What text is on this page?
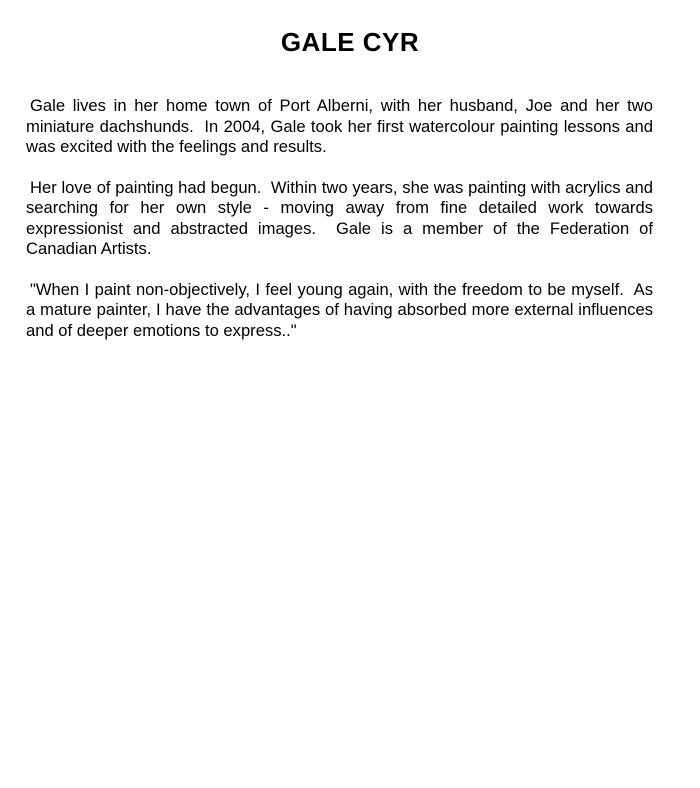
GALE CYR

Gale lives in her home town of Port Alberni, with her husband, Joe and her two miniature dachshunds.  In 2004, Gale took her first watercolour painting lessons and was excited with the feelings and results.

Her love of painting had begun.  Within two years, she was painting with acrylics and searching for her own style - moving away from fine detailed work towards expressionist and abstracted images.  Gale is a member of the Federation of Canadian Artists.

"When I paint non-objectively, I feel young again, with the freedom to be myself.  As a mature painter, I have the advantages of having absorbed more external influences and of deeper emotions to express.."
